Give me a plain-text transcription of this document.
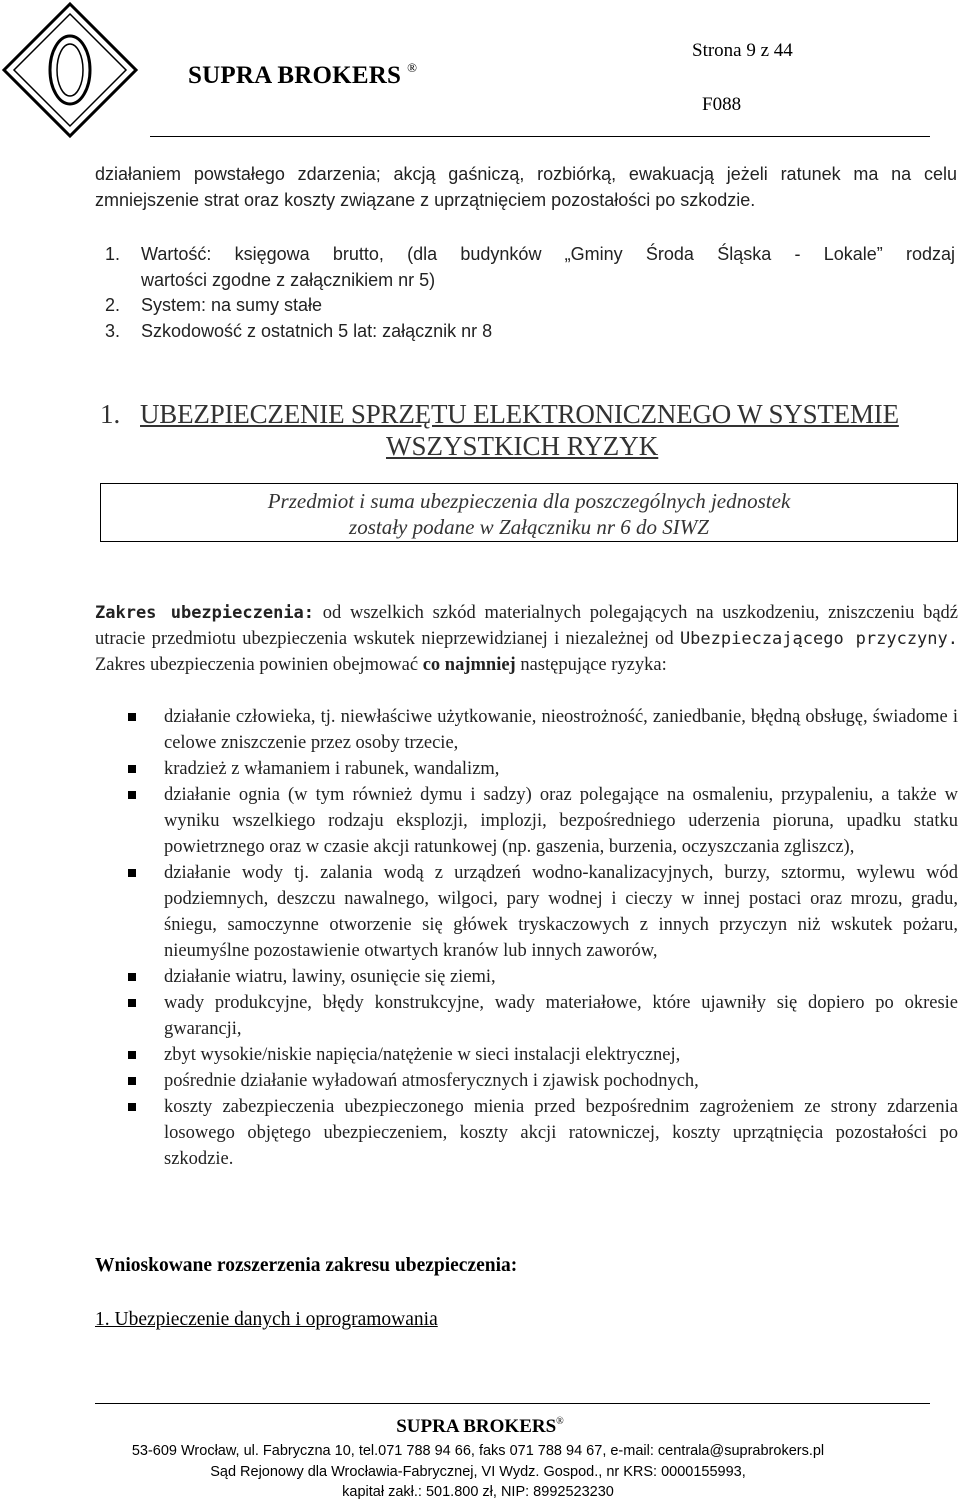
SUPRA BROKERS ®
Strona 9 z 44
F088
działaniem powstałego zdarzenia; akcją gaśniczą, rozbiórką, ewakuacją jeżeli ratunek ma na celu zmniejszenie strat oraz koszty związane z uprzątnięciem pozostałości po szkodzie.
1.	Wartość: księgowa brutto, (dla budynków „Gminy Środa Śląska - Lokale” rodzaj
wartości zgodne z załącznikiem nr 5)
2.	System: na sumy stałe
3.	Szkodowość z ostatnich 5 lat: załącznik nr 8
1. UBEZPIECZENIE SPRZĘTU ELEKTRONICZNEGO W SYSTEMIE
WSZYSTKICH RYZYK
Przedmiot i suma ubezpieczenia dla poszczególnych jednostek
zostały podane w Załączniku nr 6 do SIWZ
Zakres ubezpieczenia: od wszelkich szkód materialnych polegających na uszkodzeniu, zniszczeniu bądź utracie przedmiotu ubezpieczenia wskutek nieprzewidzianej i niezależnej od Ubezpieczającego przyczyny. Zakres ubezpieczenia powinien obejmować co najmniej następujące ryzyka:
działanie człowieka, tj. niewłaściwe użytkowanie, nieostrożność, zaniedbanie, błędną obsługę, świadome i celowe zniszczenie przez osoby trzecie,
kradzież z włamaniem i rabunek, wandalizm,
działanie ognia (w tym również dymu i sadzy) oraz polegające na osmaleniu, przypaleniu, a także w wyniku wszelkiego rodzaju eksplozji, implozji, bezpośredniego uderzenia pioruna, upadku statku powietrznego oraz w czasie akcji ratunkowej (np. gaszenia, burzenia, oczyszczania zgliszcz),
działanie wody tj. zalania wodą z urządzeń wodno-kanalizacyjnych, burzy, sztormu, wylewu wód podziemnych, deszczu nawalnego, wilgoci, pary wodnej i cieczy w innej postaci oraz mrozu, gradu, śniegu, samoczynne otworzenie się główek tryskaczowych z innych przyczyn niż wskutek pożaru, nieumyślne pozostawienie otwartych kranów lub innych zaworów,
działanie wiatru, lawiny, osunięcie się ziemi,
wady produkcyjne, błędy konstrukcyjne, wady materiałowe, które ujawniły się dopiero po okresie gwarancji,
zbyt wysokie/niskie napięcia/natężenie w sieci instalacji elektrycznej,
pośrednie działanie wyładowań atmosferycznych i zjawisk pochodnych,
koszty zabezpieczenia ubezpieczonego mienia przed bezpośrednim zagrożeniem ze strony zdarzenia losowego objętego ubezpieczeniem, koszty akcji ratowniczej, koszty uprzątnięcia pozostałości po szkodzie.
Wnioskowane rozszerzenia zakresu ubezpieczenia:
1. Ubezpieczenie danych i oprogramowania
SUPRA BROKERS®
53-609 Wrocław, ul. Fabryczna 10, tel.071 788 94 66, faks 071 788 94 67, e-mail: centrala@suprabrokers.pl
Sąd Rejonowy dla Wrocławia-Fabrycznej, VI Wydz. Gospod., nr KRS: 0000155993,
kapitał zakł.: 501.800 zł, NIP: 8992523230
